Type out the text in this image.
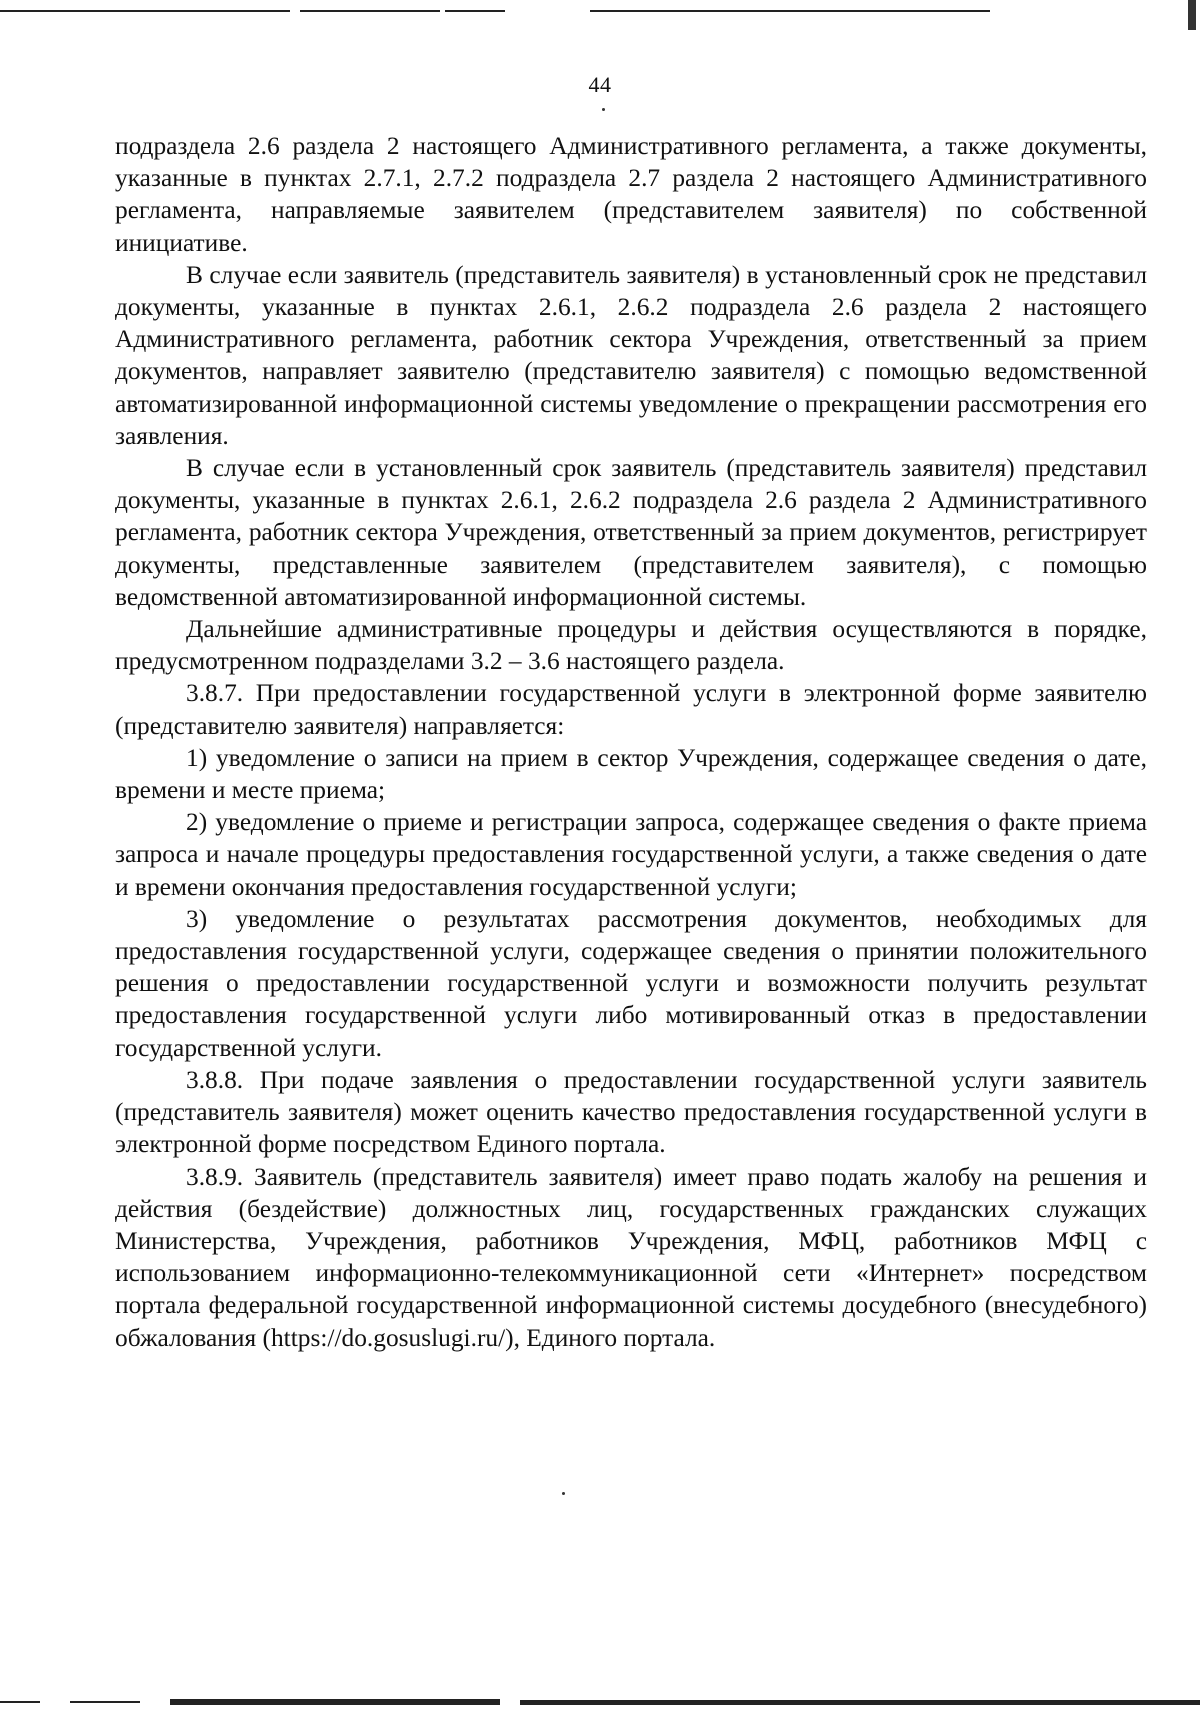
44

подраздела 2.6 раздела 2 настоящего Административного регламента, а также документы, указанные в пунктах 2.7.1, 2.7.2 подраздела 2.7 раздела 2 настоящего Административного регламента, направляемые заявителем (представителем заявителя) по собственной инициативе.

В случае если заявитель (представитель заявителя) в установленный срок не представил документы, указанные в пунктах 2.6.1, 2.6.2 подраздела 2.6 раздела 2 настоящего Административного регламента, работник сектора Учреждения, ответственный за прием документов, направляет заявителю (представителю заявителя) с помощью ведомственной автоматизированной информационной системы уведомление о прекращении рассмотрения его заявления.

В случае если в установленный срок заявитель (представитель заявителя) представил документы, указанные в пунктах 2.6.1, 2.6.2 подраздела 2.6 раздела 2 Административного регламента, работник сектора Учреждения, ответственный за прием документов, регистрирует документы, представленные заявителем (представителем заявителя), с помощью ведомственной автоматизированной информационной системы.

Дальнейшие административные процедуры и действия осуществляются в порядке, предусмотренном подразделами 3.2 – 3.6 настоящего раздела.

3.8.7. При предоставлении государственной услуги в электронной форме заявителю (представителю заявителя) направляется:

1) уведомление о записи на прием в сектор Учреждения, содержащее сведения о дате, времени и месте приема;

2) уведомление о приеме и регистрации запроса, содержащее сведения о факте приема запроса и начале процедуры предоставления государственной услуги, а также сведения о дате и времени окончания предоставления государственной услуги;

3) уведомление о результатах рассмотрения документов, необходимых для предоставления государственной услуги, содержащее сведения о принятии положительного решения о предоставлении государственной услуги и возможности получить результат предоставления государственной услуги либо мотивированный отказ в предоставлении государственной услуги.

3.8.8. При подаче заявления о предоставлении государственной услуги заявитель (представитель заявителя) может оценить качество предоставления государственной услуги в электронной форме посредством Единого портала.

3.8.9. Заявитель (представитель заявителя) имеет право подать жалобу на решения и действия (бездействие) должностных лиц, государственных гражданских служащих Министерства, Учреждения, работников Учреждения, МФЦ, работников МФЦ с использованием информационно-телекоммуникационной сети «Интернет» посредством портала федеральной государственной информационной системы досудебного (внесудебного) обжалования (https://do.gosuslugi.ru/), Единого портала.
